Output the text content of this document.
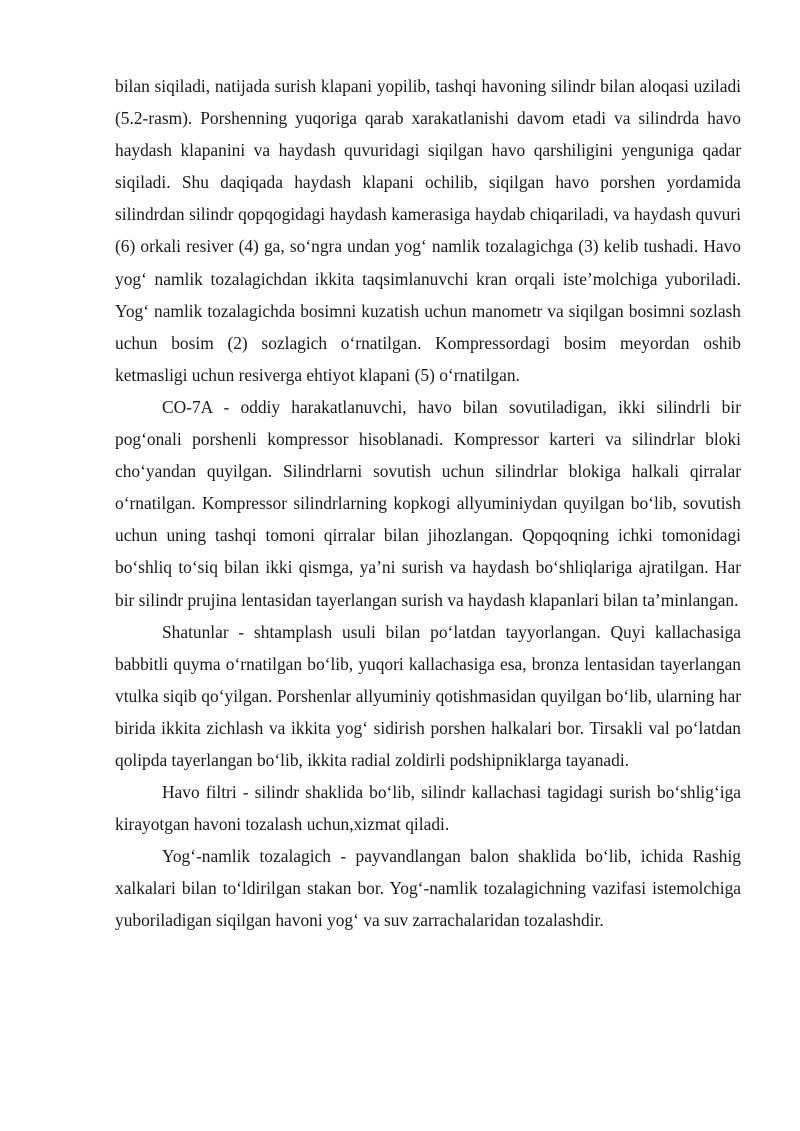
bilan siqiladi, natijada surish klapani yopilib, tashqi havoning silindr bilan aloqasi uziladi (5.2-rasm). Porshenning yuqoriga qarab xarakatlanishi davom etadi va silindrda havo haydash klapanini va haydash quvuridagi siqilgan havo qarshiligini yenguniga qadar siqiladi. Shu daqiqada haydash klapani ochilib, siqilgan havo porshen yordamida silindrdan silindr qopqogidagi haydash kamerasiga haydab chiqariladi, va haydash quvuri (6) orkali resiver (4) ga, so‘ngra undan yog‘ namlik tozalagichga (3) kelib tushadi. Havo yog‘ namlik tozalagichdan ikkita taqsimlanuvchi kran orqali iste’molchiga yuboriladi. Yog‘ namlik tozalagichda bosimni kuzatish uchun manometr va siqilgan bosimni sozlash uchun bosim (2) sozlagich o‘rnatilgan. Kompressordagi bosim meyordan oshib ketmasligi uchun resiverga ehtiyot klapani (5) o‘rnatilgan.

CO-7A - oddiy harakatlanuvchi, havo bilan sovutiladigan, ikki silindrli bir pog‘onali porshenli kompressor hisoblanadi. Kompressor karteri va silindrlar bloki cho‘yandan quyilgan. Silindrlarni sovutish uchun silindrlar blokiga halkali qirralar o‘rnatilgan. Kompressor silindrlarning kopkogi allyuminiydan quyilgan bo‘lib, sovutish uchun uning tashqi tomoni qirralar bilan jihozlangan. Qopqoqning ichki tomonidagi bo‘shliq to‘siq bilan ikki qismga, ya’ni surish va haydash bo‘shliqlariga ajratilgan. Har bir silindr prujina lentasidan tayerlangan surish va haydash klapanlari bilan ta’minlangan.

Shatunlar - shtamplash usuli bilan po‘latdan tayyorlangan. Quyi kallachasiga babbitli quyma o‘rnatilgan bo‘lib, yuqori kallachasiga esa, bronza lentasidan tayerlangan vtulka siqib qo‘yilgan. Porshenlar allyuminiy qotishmasidan quyilgan bo‘lib, ularning har birida ikkita zichlash va ikkita yog‘ sidirish porshen halkalari bor. Tirsakli val po‘latdan qolipda tayerlangan bo‘lib, ikkita radial zoldirli podshipniklarga tayanadi.

Havo filtri - silindr shaklida bo‘lib, silindr kallachasi tagidagi surish bo‘shlig‘iga kirayotgan havoni tozalash uchun,xizmat qiladi.

Yog‘-namlik tozalagich - payvandlangan balon shaklida bo‘lib, ichida Rashig xalkalari bilan to‘ldirilgan stakan bor. Yog‘-namlik tozalagichning vazifasi istemolchiga yuboriladigan siqilgan havoni yog‘ va suv zarrachalaridan tozalashdir.
